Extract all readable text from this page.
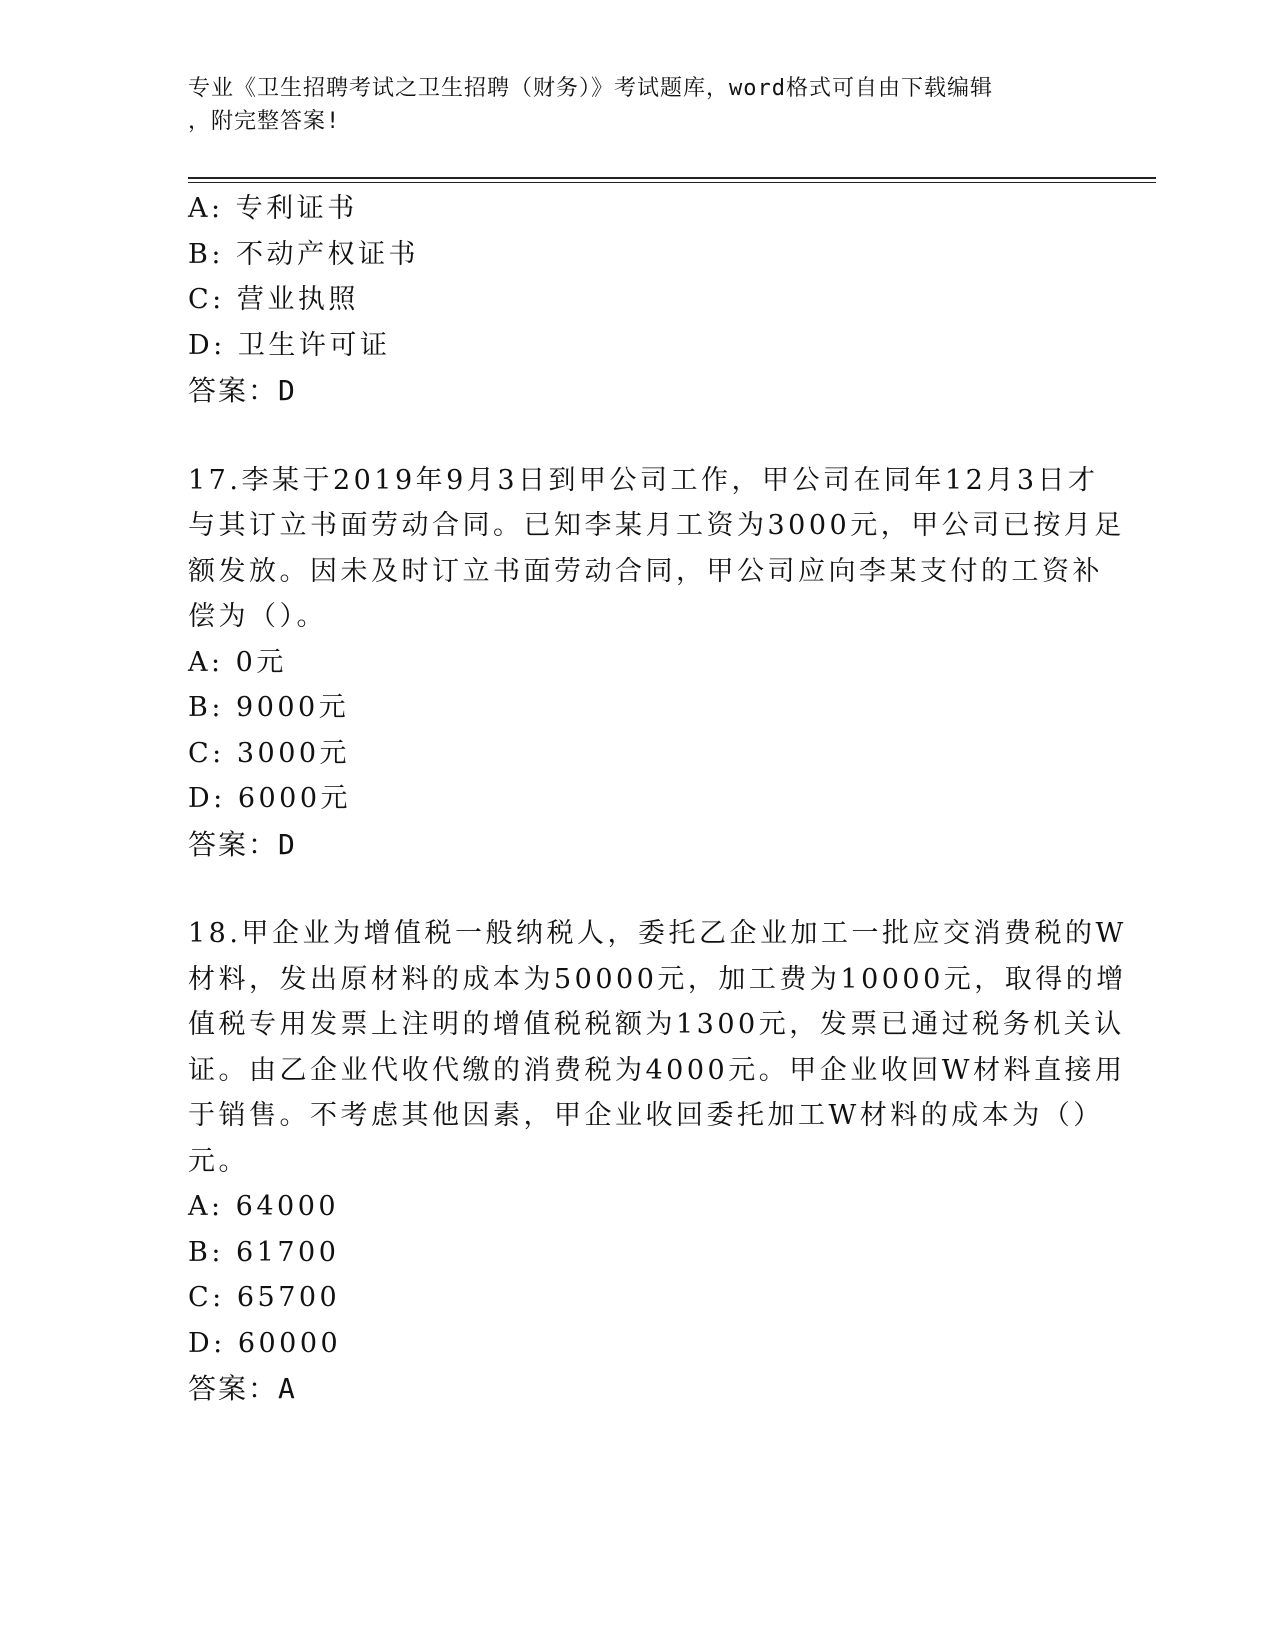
专业《卫生招聘考试之卫生招聘（财务）》考试题库，word格式可自由下载编辑
，附完整答案!
A: 专利证书
B: 不动产权证书
C: 营业执照
D: 卫生许可证
答案：D
17.李某于2019年9月3日到甲公司工作，甲公司在同年12月3日才
与其订立书面劳动合同。已知李某月工资为3000元，甲公司已按月足
额发放。因未及时订立书面劳动合同，甲公司应向李某支付的工资补
偿为（）。
A: 0元
B: 9000元
C: 3000元
D: 6000元
答案：D
18.甲企业为增值税一般纳税人，委托乙企业加工一批应交消费税的W
材料，发出原材料的成本为50000元，加工费为10000元，取得的增
值税专用发票上注明的增值税税额为1300元，发票已通过税务机关认
证。由乙企业代收代缴的消费税为4000元。甲企业收回W材料直接用
于销售。不考虑其他因素，甲企业收回委托加工W材料的成本为（）
元。
A: 64000
B: 61700
C: 65700
D: 60000
答案：A
